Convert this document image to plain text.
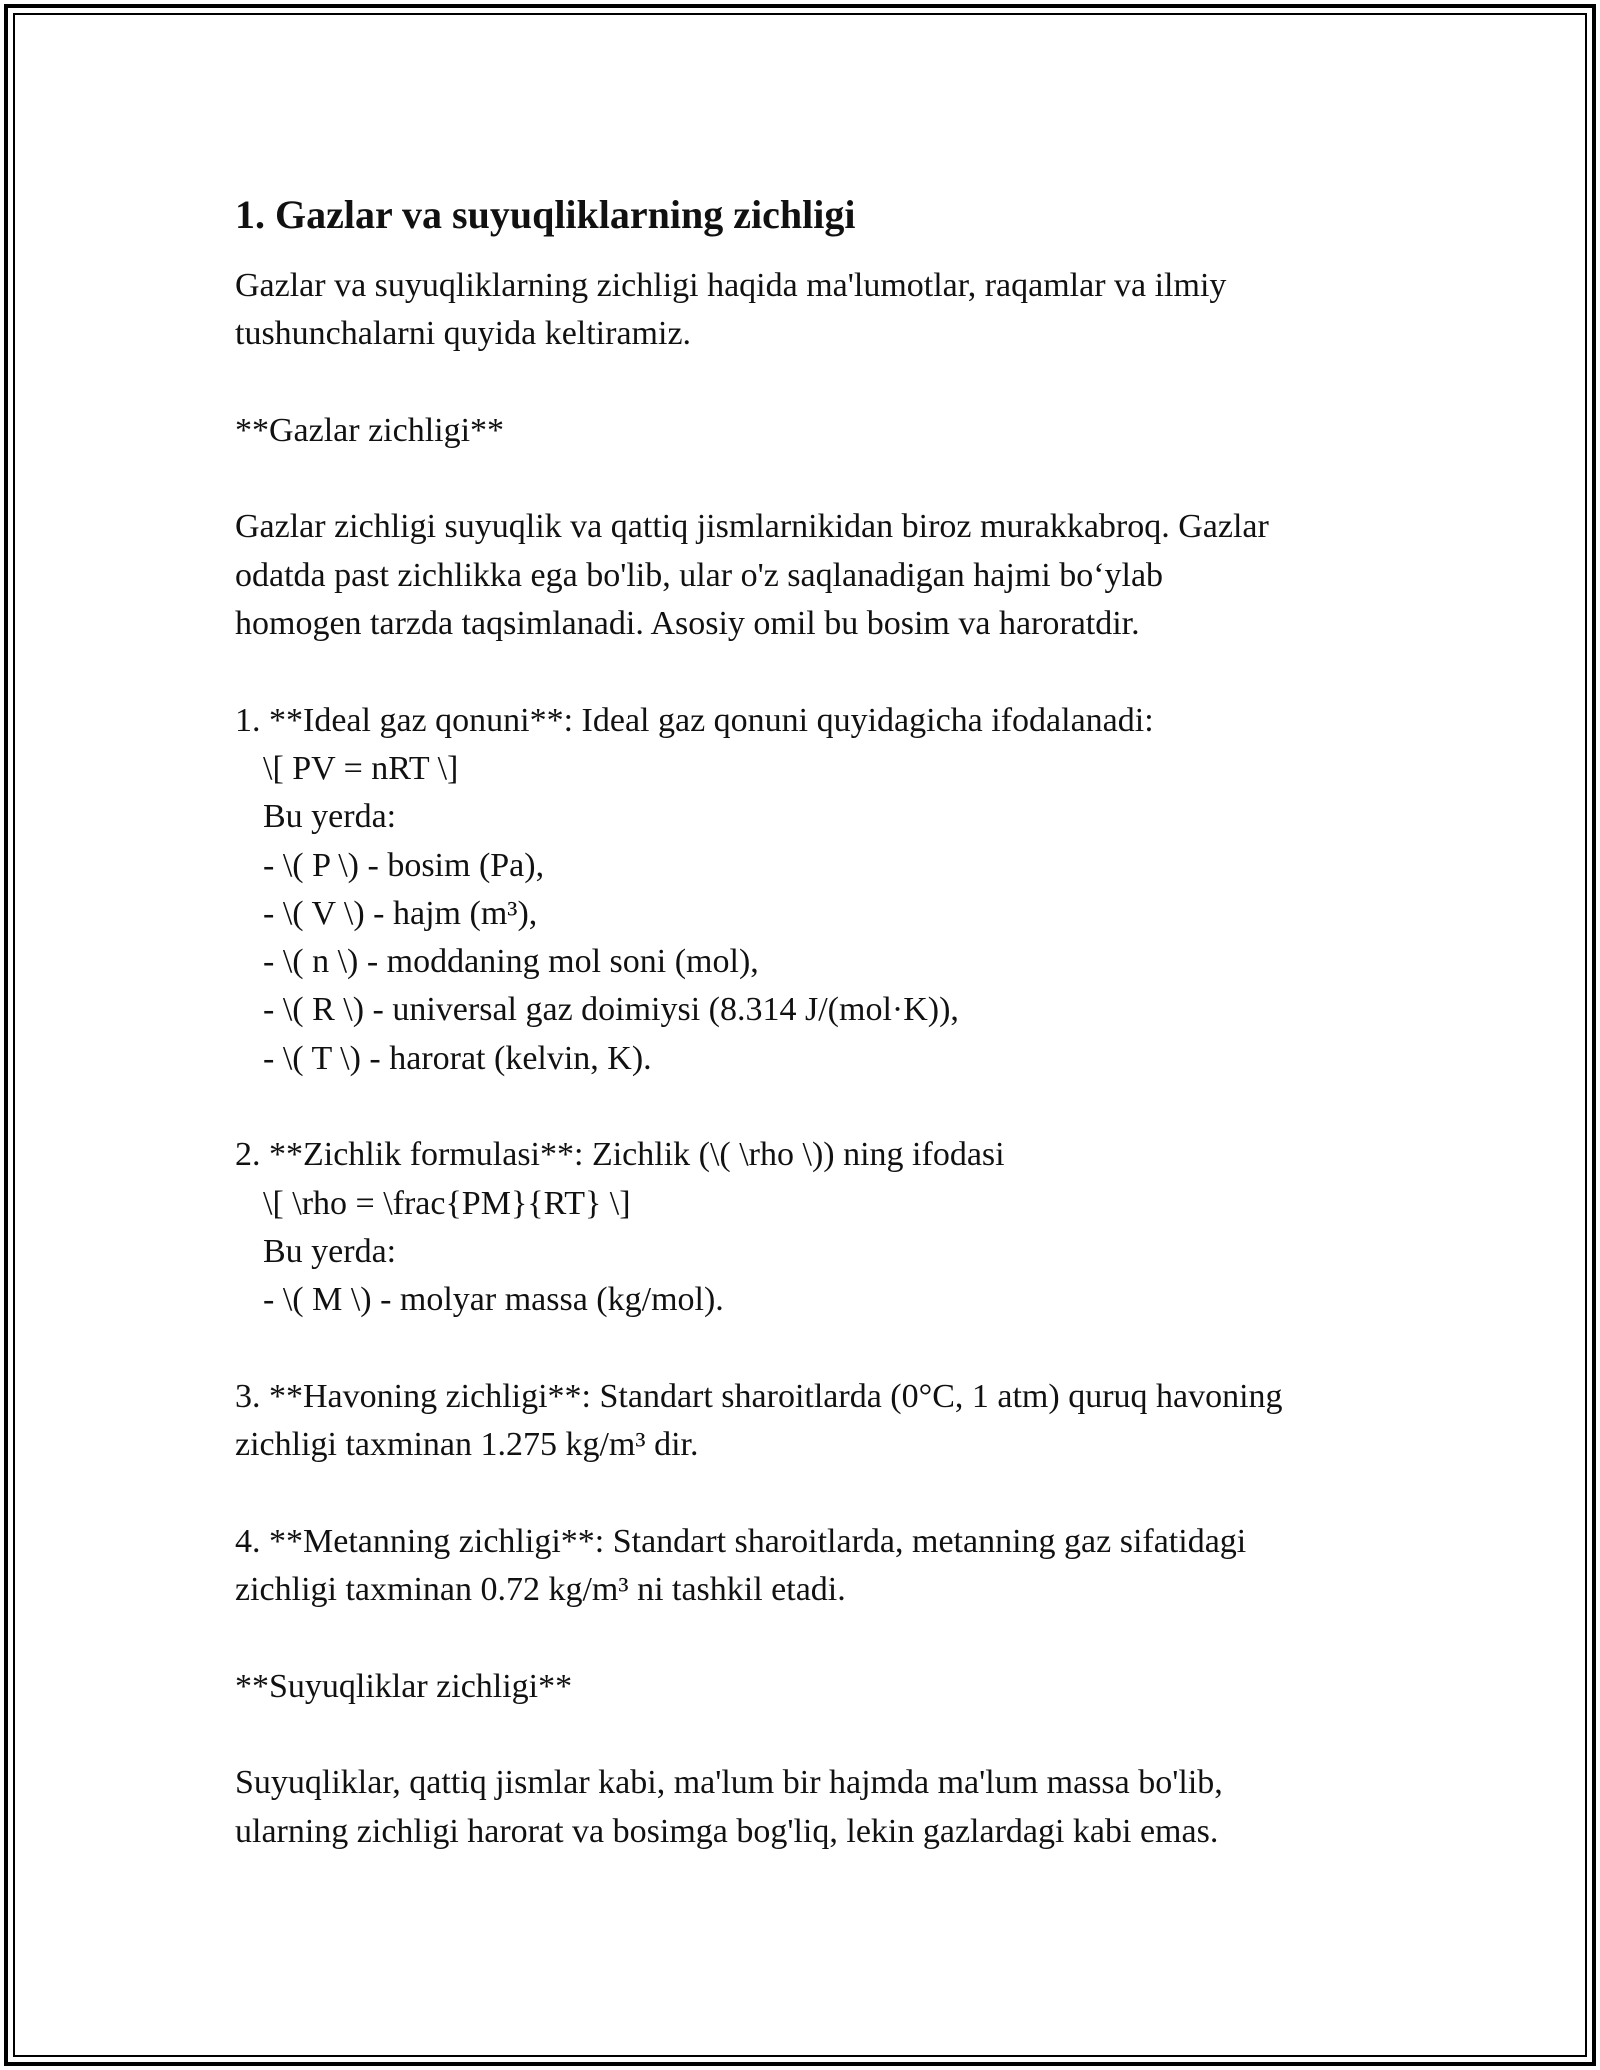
1. Gazlar va suyuqliklarning zichligi

Gazlar va suyuqliklarning zichligi haqida ma'lumotlar, raqamlar va ilmiy
tushunchalarni quyida keltiramiz.

**Gazlar zichligi**

Gazlar zichligi suyuqlik va qattiq jismlarnikidan biroz murakkabroq. Gazlar
odatda past zichlikka ega bo'lib, ular o'z saqlanadigan hajmi bo‘ylab
homogen tarzda taqsimlanadi. Asosiy omil bu bosim va haroratdir.

1. **Ideal gaz qonuni**: Ideal gaz qonuni quyidagicha ifodalanadi:

\[ PV = nRT \]

Bu yerda:

- \( P \) - bosim (Pa),

- \( V \) - hajm (m³),

- \( n \) - moddaning mol soni (mol),

- \( R \) - universal gaz doimiysi (8.314 J/(mol·K)),

- \( T \) - harorat (kelvin, K).

2. **Zichlik formulasi**: Zichlik (\( \rho \)) ning ifodasi

\[ \rho = \frac{PM}{RT} \]

Bu yerda:

- \( M \) - molyar massa (kg/mol).

3. **Havoning zichligi**: Standart sharoitlarda (0°C, 1 atm) quruq havoning
zichligi taxminan 1.275 kg/m³ dir.

4. **Metanning zichligi**: Standart sharoitlarda, metanning gaz sifatidagi
zichligi taxminan 0.72 kg/m³ ni tashkil etadi.

**Suyuqliklar zichligi**

Suyuqliklar, qattiq jismlar kabi, ma'lum bir hajmda ma'lum massa bo'lib,
ularning zichligi harorat va bosimga bog'liq, lekin gazlardagi kabi emas.
